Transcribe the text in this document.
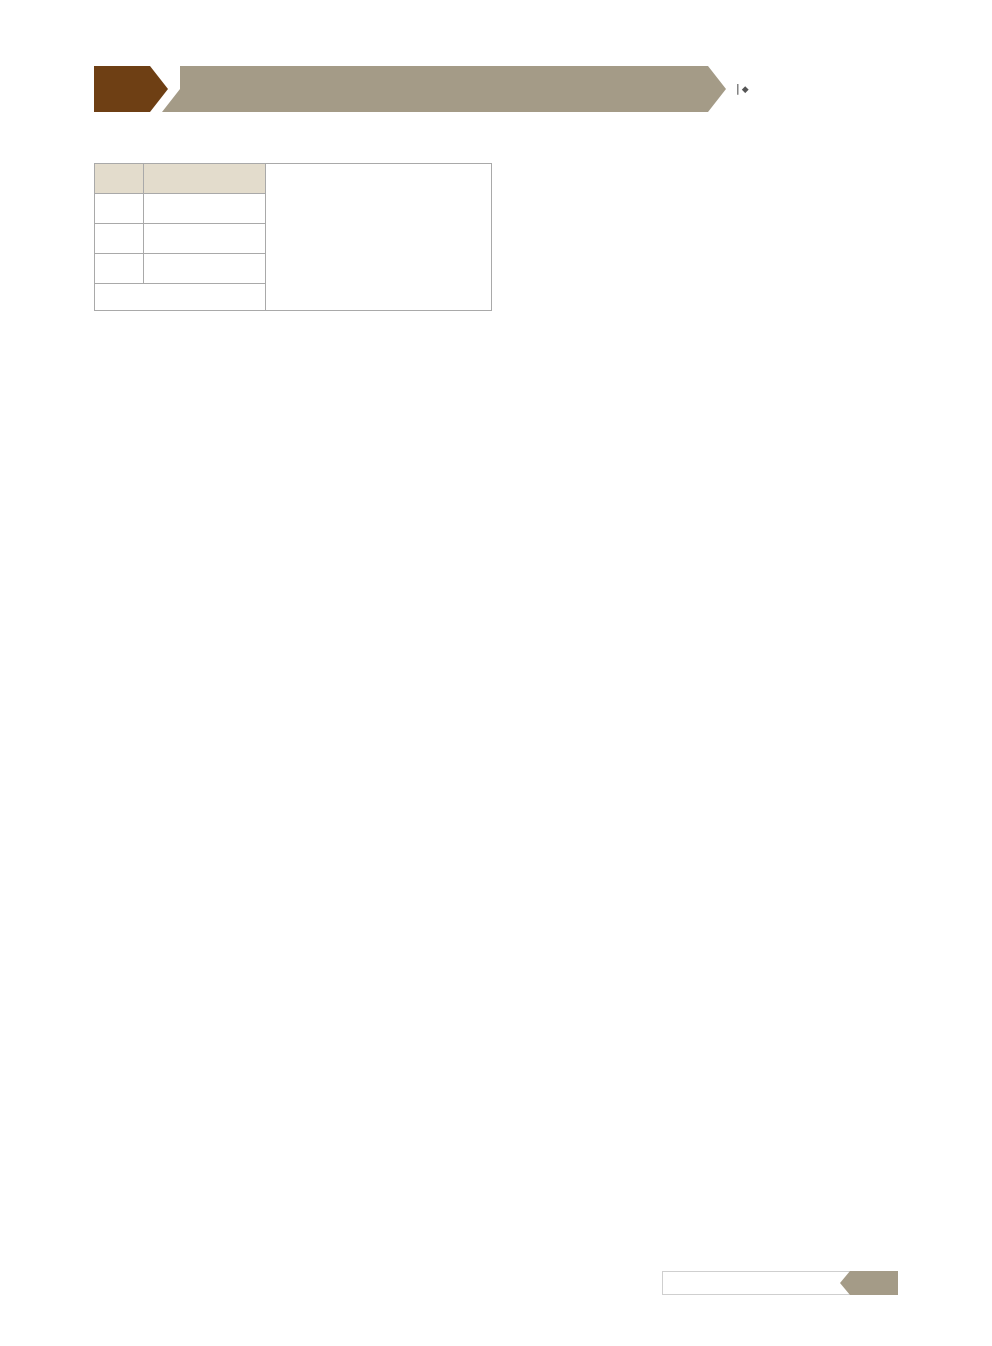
| ◆
